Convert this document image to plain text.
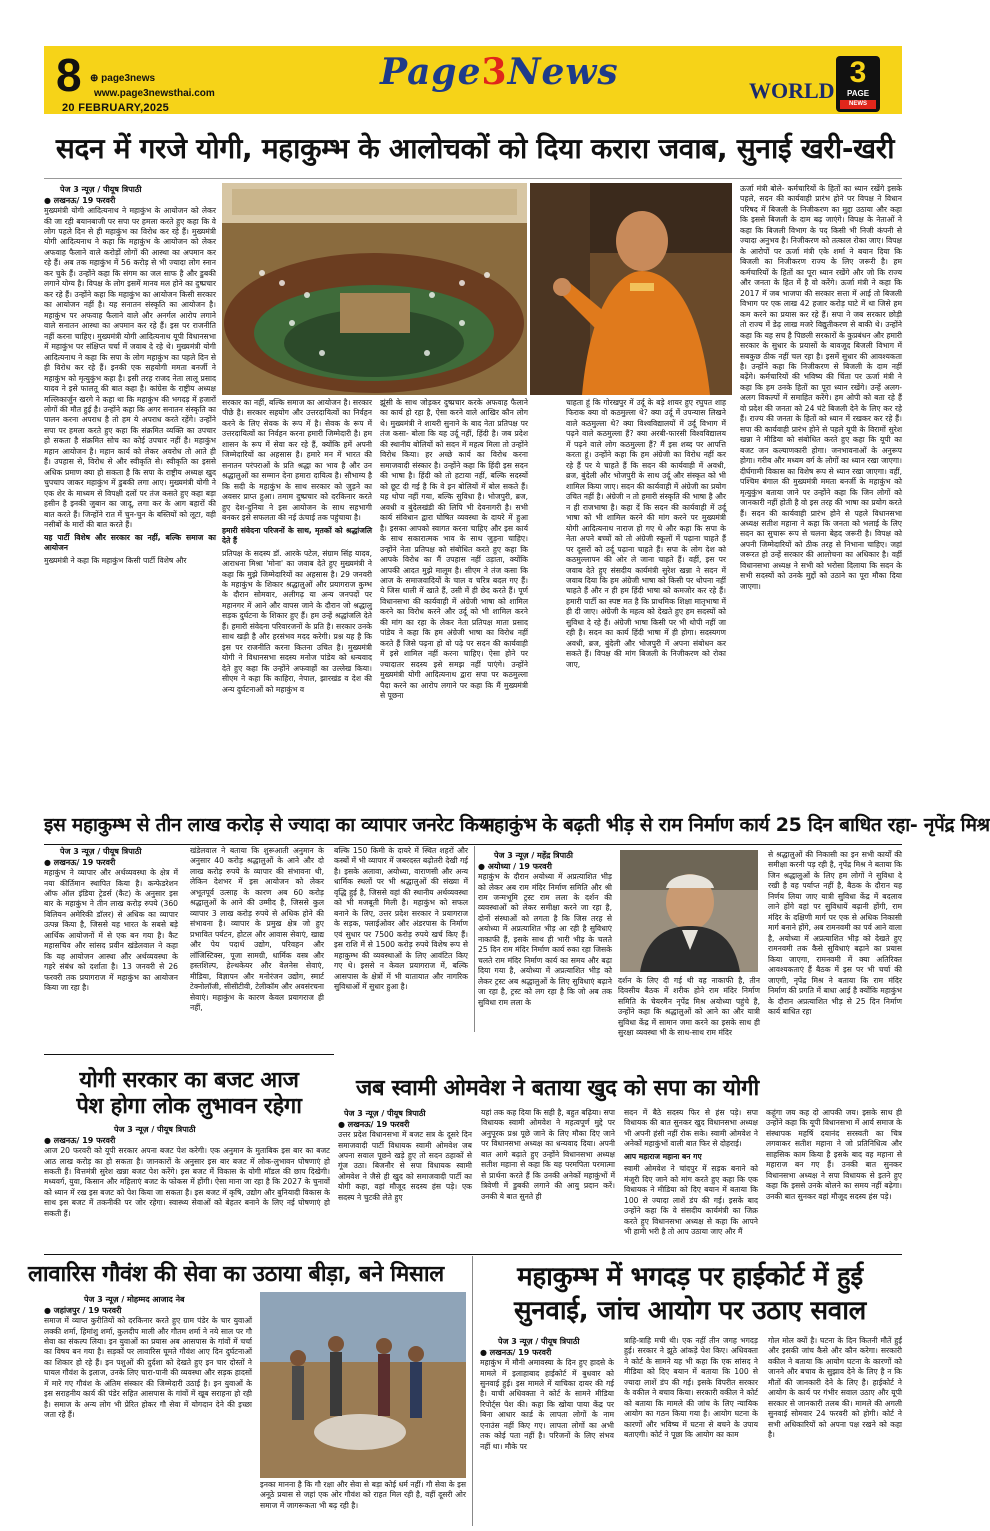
8 ⊕ page3news
www.page3newsthai.com
20 FEBRUARY,2025
Page3News	WORLD
3
PAGE
NEWS
सदन में गरजे योगी, महाकुम्भ के आलोचकों को दिया करारा जवाब, सुनाई खरी-खरी
पेज 3 न्यूज़ / पीयूष त्रिपाठी
● लखनऊ/ 19 फरवरी

मुख्यमंत्री योगी आदित्यनाथ ने महाकुंभ के आयोजन को लेकर की जा रही बयानबाजी पर सपा पर हमला करते हुए कहा कि वे लोग पहले दिन से ही महाकुंभ का विरोध कर रहे हैं। मुख्यमंत्री योगी आदित्यनाथ ने कहा कि महाकुंभ के आयोजन को लेकर अफवाह फैलाने वाले करोड़ों लोगों की आस्था का अपमान कर रहे हैं। अब तक महाकुंभ में 56 करोड़ से भी ज्यादा लोग स्नान कर चुके हैं। उन्होंने कहा कि संगम का जल साफ है और डुबकी लगाने योग्य है। विपक्ष के लोग इसमें मानव मल होने का दुष्प्रचार कर रहे हैं। उन्होंने कहा कि महाकुंभ का आयोजन किसी सरकार का आयोजन नहीं है। यह सनातन संस्कृति का आयोजन है। महाकुंभ पर अफवाह फैलाने वाले और अनर्गल आरोप लगाने वाले सनातन आस्था का अपमान कर रहे हैं। इस पर राजनीति नहीं करना चाहिए। मुख्यमंत्री योगी आदित्यनाथ यूपी विधानसभा में महाकुंभ पर संक्षिप्त चर्चा में जवाब दे रहे थे। मुख्यमंत्री योगी आदित्यनाथ ने कहा कि सपा के लोग महाकुंभ का पहले दिन से ही विरोध कर रहे हैं। इनकी एक सहयोगी ममता बनर्जी ने महाकुंभ को मृत्युकुंभ कहा है। इसी तरह राजद नेता लालू प्रसाद यादव ने इसे फालतू की बात कहा है। कांग्रेस के राष्ट्रीय अध्यक्ष मल्लिकार्जुन खरगे ने कहा था कि महाकुंभ की भगदड़ में हजारों लोगों की मौत हुई है। उन्होंने कहा कि अगर सनातन संस्कृति का पालन करना अपराध है तो हम ये अपराध करते रहेंगे। उन्होंने सपा पर हमला करते हुए कहा कि संक्रमित व्यक्ति का उपचार हो सकता है संक्रमित सोच का कोई उपचार नहीं है। महाकुंभ महान आयोजन है। महान कार्य को लेकर अवरोध तो आते ही हैं। उपहास से, विरोध से और स्वीकृति से। स्वीकृति का इससे अधिक प्रमाण क्या हो सकता है कि सपा के राष्ट्रीय अध्यक्ष खुद चुपचाप जाकर महाकुंभ में डुबकी लगा आए। मुख्यमंत्री योगी ने एक शेर के माध्यम से विपक्षी दलों पर तंज कसते हुए कहा बड़ा हसीन है इनकी जुबान का जादू, लगा कर के आग बहारों की बात करते हैं। जिन्होंने रात में चुन-चुन के बस्तियों को लूटा, वही नसीबों के मारों की बात करते हैं।

यह पार्टी विशेष और सरकार का नहीं, बल्कि समाज का आयोजन

मुख्यमंत्री ने कहा कि महाकुंभ किसी पार्टी विशेष और

सरकार का नहीं, बल्कि समाज का आयोजन है। सरकार पीछे है। सरकार सहयोग और उत्तरदायित्वों का निर्वहन करने के लिए सेवक के रूप में है। सेवक के रूप में उत्तरदायित्वों का निर्वहन करना हमारी जिम्मेदारी है। हम शासन के रूप में सेवा कर रहे हैं, क्योंकि हमें अपनी जिम्मेदारियों का अहसास है। हमारे मन में भारत की सनातन परंपराओं के प्रति श्रद्धा का भाव है और उन श्रद्धालुओं का सम्मान देना हमारा दायित्व है। सौभाग्य है कि सदी के महाकुंभ के साथ सरकार को जुड़ने का अवसर प्राप्त हुआ। तमाम दुष्प्रचार को दरकिनार करते हुए देश-दुनिया ने इस आयोजन के साथ सहभागी बनकर इसे सफलता की नई ऊंचाई तक पहुंचाया है।

हमारी संवेदना परिजनों के साथ, मृतकों को श्रद्धांजलि देते हैं

प्रतिपक्ष के सदस्य डॉ. आरके पटेल, संग्राम सिंह यादव, आराधना मिश्रा 'मोना' का जवाब देते हुए मुख्यमंत्री ने कहा कि मुझे जिम्मेदारियों का अहसास है। 29 जनवरी के महाकुंभ के शिकार श्रद्धालुओं और प्रयागराज कुम्भ के दौरान सोमवार, अलीगढ़ या अन्य जनपदों पर महानगर में आने और वापस जाने के दौरान जो श्रद्धालु सड़क दुर्घटना के शिकार हुए हैं। हम उन्हें श्रद्धांजलि देते हैं। हमारी संवेदना परिवारजनों के प्रति है। सरकार उनके साथ खड़ी है और हरसंभव मदद करेगी। प्रश्न यह है कि इस पर राजनीति करना कितना उचित है। मुख्यमंत्री योगी ने विधानसभा सदस्य मनोज पांडेय को धन्यवाद देते हुए कहा कि उन्होंने अफवाहों का उल्लेख किया। सीएम ने कहा कि काहिरा, नेपाल, झारखंड व देश की अन्य दुर्घटनाओं को महाकुंभ व

झूंसी के साथ जोड़कर दुष्प्रचार करके अफवाह फैलाने का कार्य हो रहा है, ऐसा करने वाले आखिर कौन लोग थे। मुख्यमंत्री ने शायरी सुनाने के बाद नेता प्रतिपक्ष पर तंज कसा- बोला कि यह उर्दू नहीं, हिंदी है। जब प्रदेश की स्थानीय बोलियों को सदन में महत्व मिला तो उन्होंने विरोध किया। हर अच्छे कार्य का विरोध करना समाजवादी संस्कार है। उन्होंने कहा कि हिंदी इस सदन की भाषा है। हिंदी को तो हटाया नहीं, बल्कि सदस्यों को छूट दी गई है कि वे इन बोलियों में बोल सकते हैं। यह थोपा नहीं गया, बल्कि सुविधा है। भोजपुरी, ब्रज, अवधी व बुंदेलखंडी की लिपि भी देवनागरी है। सभी कार्य संविधान द्वारा घोषित व्यवस्था के दायरे में हुआ है। इसका आपको स्वागत करना चाहिए और इस कार्य के साथ सकारात्मक भाव के साथ जुड़ना चाहिए। उन्होंने नेता प्रतिपक्ष को संबोधित करते हुए कहा कि आपके विरोध का मैं उपहास नहीं उड़ाता, क्योंकि आपकी आदत मुझे मालूम है। सीएम ने तंज कसा कि आज के समाजवादियों के चाल व चरित्र बदल गए हैं। ये जिस थाली में खाते हैं, उसी में ही छेद करते हैं। पूर्ण विधानसभा की कार्यवाही में अंग्रेजी भाषा को शामिल करने का विरोध करने और उर्दू को भी शामिल करने की मांग का रहा के लेकर नेता प्रतिपक्ष माता प्रसाद पांडेय ने कहा कि हम अंग्रेजी भाषा का विरोध नहीं करते हैं जिसे पढ़ना हो वो पढ़े पर सदन की कार्यवाही में इसे शामिल नहीं करना चाहिए। ऐसा होने पर ज्यादातर सदस्य इसे समझ नहीं पाएंगे। उन्होंने मुख्यमंत्री योगी आदित्यनाथ द्वारा सपा पर कठमुल्ला पैदा करने का आरोप लगाने पर कहा कि मैं मुख्यमंत्री से पूछना

चाहता हूं कि गोरखपुर में उर्दू के बड़े शायर हुए रघुपत शाह फिराक क्या वो कठमुल्ला थे? क्या उर्दू में उपन्यास लिखने वाले कठमुल्ला थे? क्या विश्वविद्यालयों में उर्दू विभाग में पढ़ने वाले कठमुल्ला हैं? क्या अरबी-फारसी विश्वविद्यालय में पढ़ने वाले लोग कठमुल्ला हैं? मैं इस शब्द पर आपत्ति करता हूं। उन्होंने कहा कि हम अंग्रेजी का विरोध नहीं कर रहे हैं पर ये चाहते हैं कि सदन की कार्यवाही में अवधी, ब्रज, बुंदेली और भोजपुरी के साथ उर्दू और संस्कृत को भी शामिल किया जाए। सदन की कार्यवाही में अंग्रेजी का प्रयोग उचित नहीं है। अंग्रेजी न तो हमारी संस्कृति की भाषा है और न ही राजभाषा है। कहा दें कि सदन की कार्यवाही में उर्दू भाषा को भी शामिल करने की मांग करने पर मुख्यमंत्री योगी आदित्यनाथ नाराज हो गए थे और कहा कि सपा के नेता अपने बच्चों को तो अंग्रेजी स्कूलों में पढ़ाना चाहते हैं पर दूसरों को उर्दू पढ़ाना चाहते हैं। सपा के लोग देश को कठमुल्लापन की ओर ले जाना चाहते हैं। वहीं, इस पर जवाब देते हुए संसदीय कार्यमंत्री सुरेश खन्ना ने सदन में जवाब दिया कि हम अंग्रेजी भाषा को किसी पर थोपना नहीं चाहते हैं और न ही हम हिंदी भाषा को कमजोर कर रहे हैं। हमारी पार्टी का स्पष्ट मत है कि प्राथमिक शिक्षा मातृभाषा में ही दी जाए। अंग्रेजी के महत्व को देखते हुए हम सदस्यों को सुविधा दे रहे हैं। अंग्रेजी भाषा किसी पर भी थोपी नहीं जा रही है। सदन का कार्य हिंदी भाषा में ही होगा। सदस्यगण अवधी, ब्रज, बुंदेली और भोजपुरी में अपना संबोधन कर सकते हैं। विपक्ष की मांग बिजली के निजीकरण को रोका जाए,

ऊर्जा मंत्री बोले- कर्मचारियों के हितों का ध्यान रखेंगे इसके पहले, सदन की कार्यवाही प्रारंभ होने पर विपक्ष ने विधान परिषद में बिजली के निजीकरण का मुद्दा उठाया और कहा कि इससे बिजली के दाम बढ़ जाएंगे। विपक्ष के नेताओं ने कहा कि बिजली विभाग के पद किसी भी निजी कंपनी से ज्यादा अनुभव है। निजीकरण को तत्काल रोका जाए। विपक्ष के आरोपों पर ऊर्जा मंत्री एके शर्मा ने बयान दिया कि बिजली का निजीकरण राज्य के लिए जरूरी है। हम कर्मचारियों के हितों का पूरा ध्यान रखेंगे और जो कि राज्य और जनता के हित में है वो करेंगे। ऊर्जा मंत्री ने कहा कि 2017 में जब भाजपा की सरकार सत्ता में आई तो बिजली विभाग पर एक लाख 42 हजार करोड़ घाटे में था जिसे हम कम करने का प्रयास कर रहे हैं। सपा ने जब सरकार छोड़ी तो राज्य में डेढ़ लाख मजरे विद्युतीकरण से बाकी थे। उन्होंने कहा कि यह सच है पिछली सरकारों के कुप्रबंधन और हमारी सरकार के सुधार के प्रयासों के बावजूद बिजली विभाग में सबकुछ ठीक नहीं चल रहा है। इसमें सुधार की आवश्यकता है। उन्होंने कहा कि निजीकरण से बिजली के दाम नहीं बढ़ेंगे। कर्मचारियों की भविष्य की चिंता पर ऊर्जा मंत्री ने कहा कि हम उनके हितों का पूरा ध्यान रखेंगे। उन्हें अलग-अलग विकल्पों में समाहित करेंगे। हम ओपी को बता रहे हैं वो प्रदेश की जनता को 24 घंटे बिजली देने के लिए कर रहे हैं। राज्य की जनता के हितों को ध्यान में रखकर कर रहे हैं। सपा की कार्यवाही प्रारंभ होने से पहले यूपी के विरामों सुरेश खन्ना ने मीडिया को संबोधित करते हुए कहा कि यूपी का बजट जन कल्याणकारी होगा। जनभावनाओं के अनुरूप होगा। गरीब और मध्यम वर्ग के लोगों का ध्यान रखा जाएगा। दीर्घगामी विकास का विशेष रूप से ध्यान रखा जाएगा। वहीं, पश्चिम बंगाल की मुख्यमंत्री ममता बनर्जी के महाकुंभ को मृत्युकुंभ बताया जाने पर उन्होंने कहा कि जिन लोगों को जानकारी नहीं होती है वो इस तरह की भाषा का प्रयोग करते हैं। सदन की कार्यवाही प्रारंभ होने से पहले विधानसभा अध्यक्ष सतीश महाना ने कहा कि जनता को भलाई के लिए सदन का सुचारू रूप से चलना बेहद जरूरी है। विपक्ष को अपनी जिम्मेदारियों को ठीक तरह से निभाना चाहिए। जहां जरूरत हो उन्हें सरकार की आलोचना का अधिकार है। वहीं विधानसभा अध्यक्ष ने सभी को भरोसा दिलाया कि सदन के सभी सदस्यों को उनके मुद्दों को उठाने का पूरा मौका दिया जाएगा।

इस महाकुम्भ से तीन लाख करोड़ से ज्यादा का व्यापार जनरेट किया
पेज 3 न्यूज़ / पीयूष त्रिपाठी
● लखनऊ/ 19 फरवरी

महाकुंभ ने व्यापार और अर्थव्यवस्था के क्षेत्र में नया कीर्तिमान स्थापित किया है। कन्फेडरेशन ऑफ ऑल इंडिया ट्रेडर्स (कैट) के अनुसार इस बार के महाकुंभ ने तीन लाख करोड़ रुपये (360 बिलियन अमेरिकी डॉलर) से अधिक का व्यापार उत्पन्न किया है, जिससे यह भारत के सबसे बड़े आर्थिक आयोजनों में से एक बन गया है। कैट महासचिव और सांसद प्रवीन खंडेलवाल ने कहा कि यह आयोजन आस्था और अर्थव्यवस्था के गहरे संबंध को दर्शाता है। 13 जनवरी से 26 फरवरी तक प्रयागराज में महाकुंभ का आयोजन किया जा रहा है।

खंडेलवाल ने बताया कि शुरूआती अनुमान के अनुसार 40 करोड़ श्रद्धालुओं के आने और दो लाख करोड़ रुपये के व्यापार की संभावना थी, लेकिन देशभर में इस आयोजन को लेकर अभूतपूर्व उत्साह के कारण अब 60 करोड़ श्रद्धालुओं के आने की उम्मीद है, जिससे कुल व्यापार 3 लाख करोड़ रुपये से अधिक होने की संभावना है। व्यापार के प्रमुख क्षेत्र जो हुए प्रभावित पर्यटन, होटल और आवास सेवाएं, खाद्य और पेय पदार्थ उद्योग, परिवहन और लॉजिस्टिक्स, पूजा सामग्री, धार्मिक वस्त्र और हस्तशिल्प, हेल्थकेयर और वेलनेस सेवाएं, मीडिया, विज्ञापन और मनोरंजन उद्योग, स्मार्ट टेक्नोलॉजी, सीसीटीवी, टेलीकॉम और अवसंरचना सेवाएं। महाकुंभ के कारण केवल प्रयागराज ही नहीं,

बल्कि 150 किमी के दायरे में स्थित शहरों और कस्बों में भी व्यापार में जबरदस्त बढ़ोतरी देखी गई है। इसके अलावा, अयोध्या, वाराणसी और अन्य धार्मिक स्थलों पर भी श्रद्धालुओं की संख्या में वृद्धि हुई है, जिससे वहां की स्थानीय अर्थव्यवस्था को भी मजबूती मिली है। महाकुंभ को सफल बनाने के लिए, उत्तर प्रदेश सरकार ने प्रयागराज के सड़क, फ्लाईओवर और अंडरपास के निर्माण एवं सुधार पर 7500 करोड़ रुपये खर्च किए हैं। इस राशि में से 1500 करोड़ रुपये विशेष रूप से महाकुम्भ की व्यवस्थाओं के लिए आवंटित किए गए थे। इससे न केवल प्रयागराज में, बल्कि आसपास के क्षेत्रों में भी यातायात और नागरिक सुविधाओं में सुधार हुआ है।

महाकुंभ के बढ़ती भीड़ से राम निर्माण कार्य 25 दिन बाधित रहा- नृपेंद्र मिश्र
पेज 3 न्यूज़ / महेंद्र त्रिपाठी
● अयोध्या / 19 फरवरी

महाकुंभ के दौरान अयोध्या में अप्रत्याशित भीड़ को लेकर अब राम मंदिर निर्माण समिति और श्री राम जन्मभूमि ट्रस्ट राम लला के दर्शन की व्यवस्थाओं को लेकर समीक्षा करने जा रहा है, दोनों संस्थाओं को लगता है कि जिस तरह से अयोध्या में अप्रत्याशित भीड़ आ रही है सुविधाएं नाकाफी हैं, इसके साथ ही भारी भीड़ के चलते 25 दिन राम मंदिर निर्माण कार्य रुका रहा जिसके चलते राम मंदिर निर्माण कार्य का समय और बढ़ा दिया गया है, अयोध्या में अप्रत्याशित भीड़ को लेकर ट्रस्ट अब श्रद्धालुओं के लिए सुविधाएं बढ़ाने जा रहा है, ट्रस्ट को लग रहा है कि जो अब तक सुविधा राम लला के

दर्शन के लिए दी गई थी वह नाकाफी है, तीन दिवसीय बैठक में शरीक होने राम मंदिर निर्माण समिति के चेयरमैन नृपेंद्र मिश्र अयोध्या पहुंचे है, उन्होंने कहा कि श्रद्धालुओं को आने का और यात्री सुविधा केंद्र में सामान जमा करने का इसके साथ ही सुरक्षा व्यवस्था भी के साथ-साथ राम मंदिर

से श्रद्धालुओं की निकासी का इन सभी कार्यों की समीक्षा करनी पड़ रही है, नृपेंद्र मिश्र ने बताया कि जिन श्रद्धालुओं के लिए हम लोगों ने सुविधा दे रखी है वह पर्याप्त नहीं है, बैठक के दौरान यह निर्णय लिया जाए यात्री सुविधा केंद्र में बदलाव लाने होंगे वहां पर सुविधायें बढ़ानी होंगी, राम मंदिर के दक्षिणी मार्ग पर एक से अधिक निकासी मार्ग बनाने होंगे, अब रामनवमी का पर्व आने वाला है, अयोध्या में अप्रत्याशित भीड़ को देखते हुए रामनवमी तक कैसे सुविधाएं बढ़ाने का प्रयास किया जाएगा, रामनवमी में क्या अतिरिक्त आवश्यकताएं हैं बैठक में इस पर भी चर्चा की जाएगी, नृपेंद्र मिश्र ने बताया कि राम मंदिर निर्माण की प्रगति में बाधा आई है क्योंकि महाकुंभ के दौरान अप्रत्याशित भीड़ से 25 दिन निर्माण कार्य बाधित रहा

योगी सरकार का बजट आज
पेश होगा लोक लुभावन रहेगा
पेज 3 न्यूज़ / पीयूष त्रिपाठी
● लखनऊ/ 19 फरवरी

आज 20 फरवरी को यूपी सरकार अपना बजट पेश करेगी। एक अनुमान के मुताबिक इस बार का बजट आठ लाख करोड़ का हो सकता है। जानकारों के अनुसार इस बार बजट में लोक-लुभावन घोषणाएं हो सकती हैं। वित्तमंत्री सुरेश खन्ना बजट पेश करेंगे। इस बजट में विकास के योगी मॉडल की छाप दिखेगी। मध्यवर्ग, युवा, किसान और महिलाएं बजट के फोकस में होंगी। ऐसा माना जा रहा है कि 2027 के चुनावों को ध्यान में रख इस बजट को पेश किया जा सकता है। इस बजट में कृषि, उद्योग और बुनियादी विकास के साथ इस बजट में तकनीकी पर जोर रहेगा। स्वास्थ्य सेवाओं को बेहतर बनाने के लिए नई घोषणाएं हो सकती हैं।

जब स्वामी ओमवेश ने बताया खुद को सपा का योगी
पेज 3 न्यूज़ / पीयूष त्रिपाठी
● लखनऊ/ 19 फरवरी

उत्तर प्रदेश विधानसभा में बजट सत्र के दूसरे दिन समाजवादी पार्टी विधायक स्वामी ओमवेश जब अपना सवाल पूछने खड़े हुए तो सदन ठहाकों से गूंज उठा। बिजनौर से सपा विधायक स्वामी ओमवेश ने जैसे ही खुद को समाजवादी पार्टी का योगी कहा, वहां मौजूद सदस्य हंस पड़े। एक सदस्य ने चुटकी लेते हुए

यहां तक कह दिया कि सही है, बहुत बढ़िया। सपा विधायक स्वामी ओमवेश ने महत्वपूर्ण मुद्दे पर अनुपूरक प्रश्न पूछे जाने के लिए मौका दिए जाने पर विधानसभा अध्यक्ष का धन्यवाद दिया। अपनी बात आगे बढ़ाते हुए उन्होंने विधानसभा अध्यक्ष सतीश महाना से कहा कि यह परमपिता परमात्मा से प्रार्थना करते हैं कि उनकी अनेकों महाकुंभों में त्रिवेणी में डुबकी लगाने की आयु प्रदान करें। उनकी ये बात सुनते ही

सदन में बैठे सदस्य फिर से हंस पड़े। सपा विधायक की बात सुनकर खुद विधानसभा अध्यक्ष भी अपनी हंसी नहीं रोक सके। स्वामी ओमवेश ने अनेकों महाकुंभों वाली बात फिर से दोहराई।

आप महाराज महाना बन गए

स्वामी ओमवेश ने चांदपुर में सड़क बनाने को मंजूरी दिए जाने को मांग करते हुए कहा कि एक विधायक ने मीडिया को दिए बयान में बताया कि 100 से ज्यादा लाशें डंप की गई। इसके बाद उन्होंने कहा कि वे संसदीय कार्यमंत्री का जिक्र करते हुए विधानसभा अध्यक्ष से कहा कि आपने भी हामी भरी है तो आप उठाया जाए और मैं

कहूंगा जय कह दो आपकी जय। इसके साथ ही उन्होंने कहा कि यूपी विधानसभा में आर्य समाज के संस्थापक महर्षि दयानंद सरस्वती का चित्र लगवाकर सतीश महाना ने जो प्रतिनिधित्व और साहसिक काम किया है इसके बाद वह महाना से महाराज बन गए हैं। उनकी बात सुनकर विधानसभा अध्यक्ष ने सपा विधायक से इतने हुए कहा कि इससे उनके बोलने का समय नहीं बढ़ेगा। उनकी बात सुनकर वहां मौजूद सदस्य हंस पड़े।

लावारिस गौवंश की सेवा का उठाया बीड़ा, बने मिसाल
पेज 3 न्यूज़ / मोहम्मद आजाद नेब
● जहांजपुर / 19 फरवरी

समाज में व्याप्त कुरीतियों को दरकिनार करते हुए ग्राम पंडेर के चार युवाओं लक्की शर्मा, हिमांशु शर्मा, कुलदीप माली और गौतम शर्मा ने नये साल पर गौ सेवा का संकल्प लिया। इन युवाओं का प्रयास अब आसपास के गांवों में चर्चा का विषय बन गया है। सड़कों पर लावारिस घूमते गौवंश आए दिन दुर्घटनाओं का शिकार हो रहे हैं। इन पशुओं की दुर्दशा को देखते हुए इन चार दोस्तों ने घायल गौवंश के इलाज, उनके लिए चारा-पानी की व्यवस्था और सड़क हादसों में मारे गए गौवंश के अंतिम संस्कार की जिम्मेदारी उठाई है। इन युवाओं के इस सराहनीय कार्य की पंडेर सहित आसपास के गांवों में खूब सराहना हो रही है। समाज के अन्य लोग भी प्रेरित होकर गौ सेवा में योगदान देने की इच्छा जता रहे हैं।

इनका मानना है कि गौ रक्षा और सेवा से बड़ा कोई धर्म नहीं। गौ सेवा के इस अनूठे प्रयास से जहां एक ओर गौवंश को राहत मिल रही है, वहीं दूसरी ओर समाज में जागरूकता भी बढ़ रही है।

महाकुम्भ में भगदड़ पर हाईकोर्ट में हुई
सुनवाई, जांच आयोग पर उठाए सवाल
पेज 3 न्यूज़ / पीयूष त्रिपाठी
● लखनऊ/ 19 फरवरी

महाकुंभ में मौनी अमावस्या के दिन हुए हादसे के मामले में इलाहाबाद हाईकोर्ट में बुधवार को सुनवाई हुई। इस मामले में याचिका दायर की गई है। याची अधिवक्ता ने कोर्ट के सामने मीडिया रिपोर्ट्स पेश की। कहा कि खोया पाया केंद्र पर बिना आधार कार्ड के लापता लोगों के नाम एनाउंस नहीं किए गए। लापता लोगों का अभी तक कोई पता नहीं है। परिजनों के लिए संभव नहीं था। मौके पर

त्राहि-त्राहि मची थी। एक नहीं तीन जगह भगदड़ हुई। सरकार ने झूठे आंकड़े पेश किए। अधिवक्ता ने कोर्ट के सामने यह भी कहा कि एक सांसद ने मीडिया को दिए बयान में बताया कि 100 से ज्यादा लाशें डंप की गई। इसके विपरीत सरकार के वकील ने बचाव किया। सरकारी वकील ने कोर्ट को बताया कि मामले की जांच के लिए न्यायिक आयोग का गठन किया गया है। आयोग घटना के कारणों और भविष्य में घटना से बचने के उपाय बताएगी। कोर्ट ने पूछा कि आयोग का काम

गोल मोल क्यों है। घटना के दिन कितनी मौतें हुईं और इसकी जांच कैसे और कौन करेगा। सरकारी वकील ने बताया कि आयोग घटना के कारणों को जानने और बचाव के सुझाव देने के लिए है न कि मौतों की जानकारी देने के लिए है। हाईकोर्ट ने आयोग के कार्य पर गंभीर सवाल उठाए और यूपी सरकार से जानकारी तलब की। मामले की अगली सुनवाई सोमवार 24 फरवरी को होगी। कोर्ट ने सभी अधिकारियों को अपना पक्ष रखने को कहा है।
